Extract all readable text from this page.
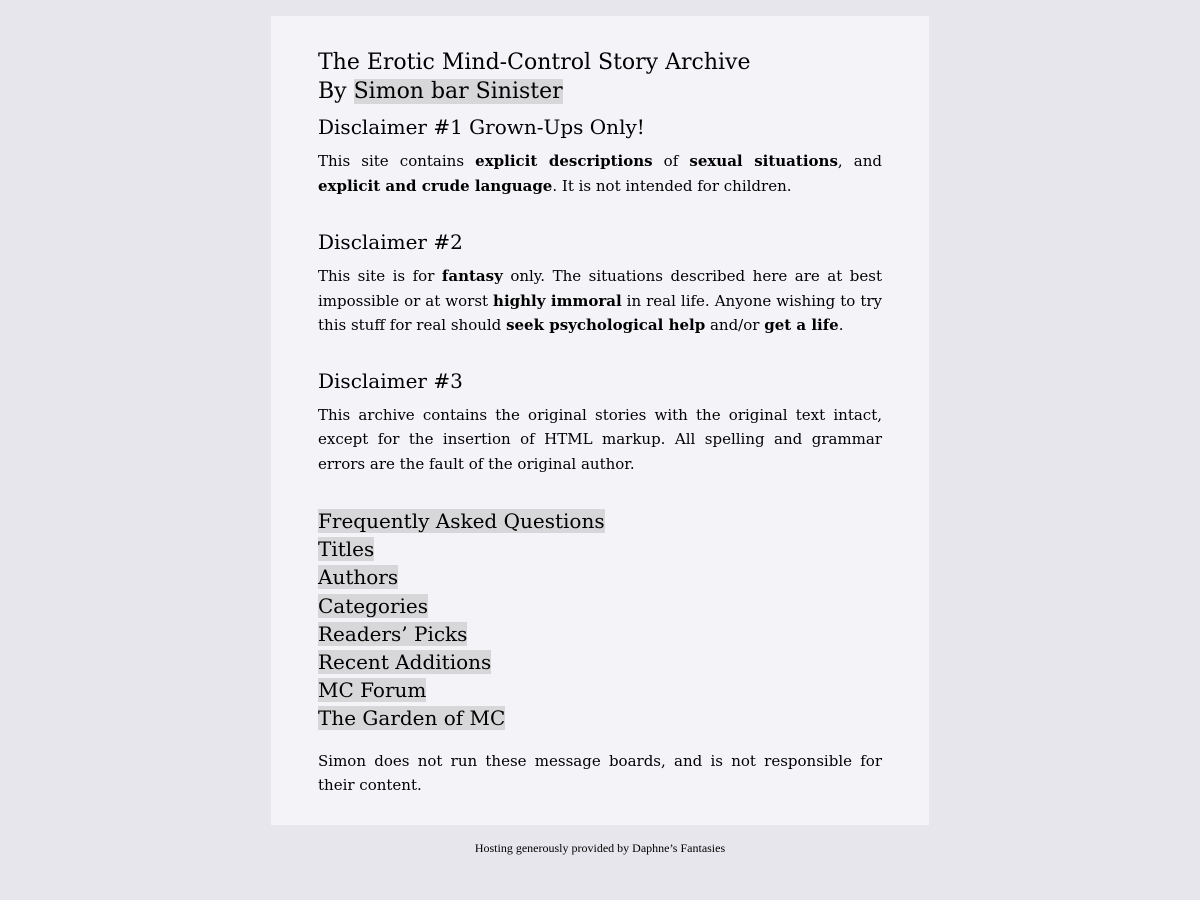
The Erotic Mind-Control Story Archive
By Simon bar Sinister
Disclaimer #1 Grown-Ups Only!

This site contains explicit descriptions of sexual situations, and explicit and crude language. It is not intended for children.

Disclaimer #2

This site is for fantasy only. The situations described here are at best impossible or at worst highly immoral in real life. Anyone wishing to try this stuff for real should seek psychological help and/or get a life.

Disclaimer #3

This archive contains the original stories with the original text intact, except for the insertion of HTML markup. All spelling and grammar errors are the fault of the original author.

Frequently Asked Questions
Titles
Authors
Categories
Readers’ Picks
Recent Additions
MC Forum
The Garden of MC

Simon does not run these message boards, and is not responsible for their content.

Hosting generously provided by Daphne’s Fantasies
